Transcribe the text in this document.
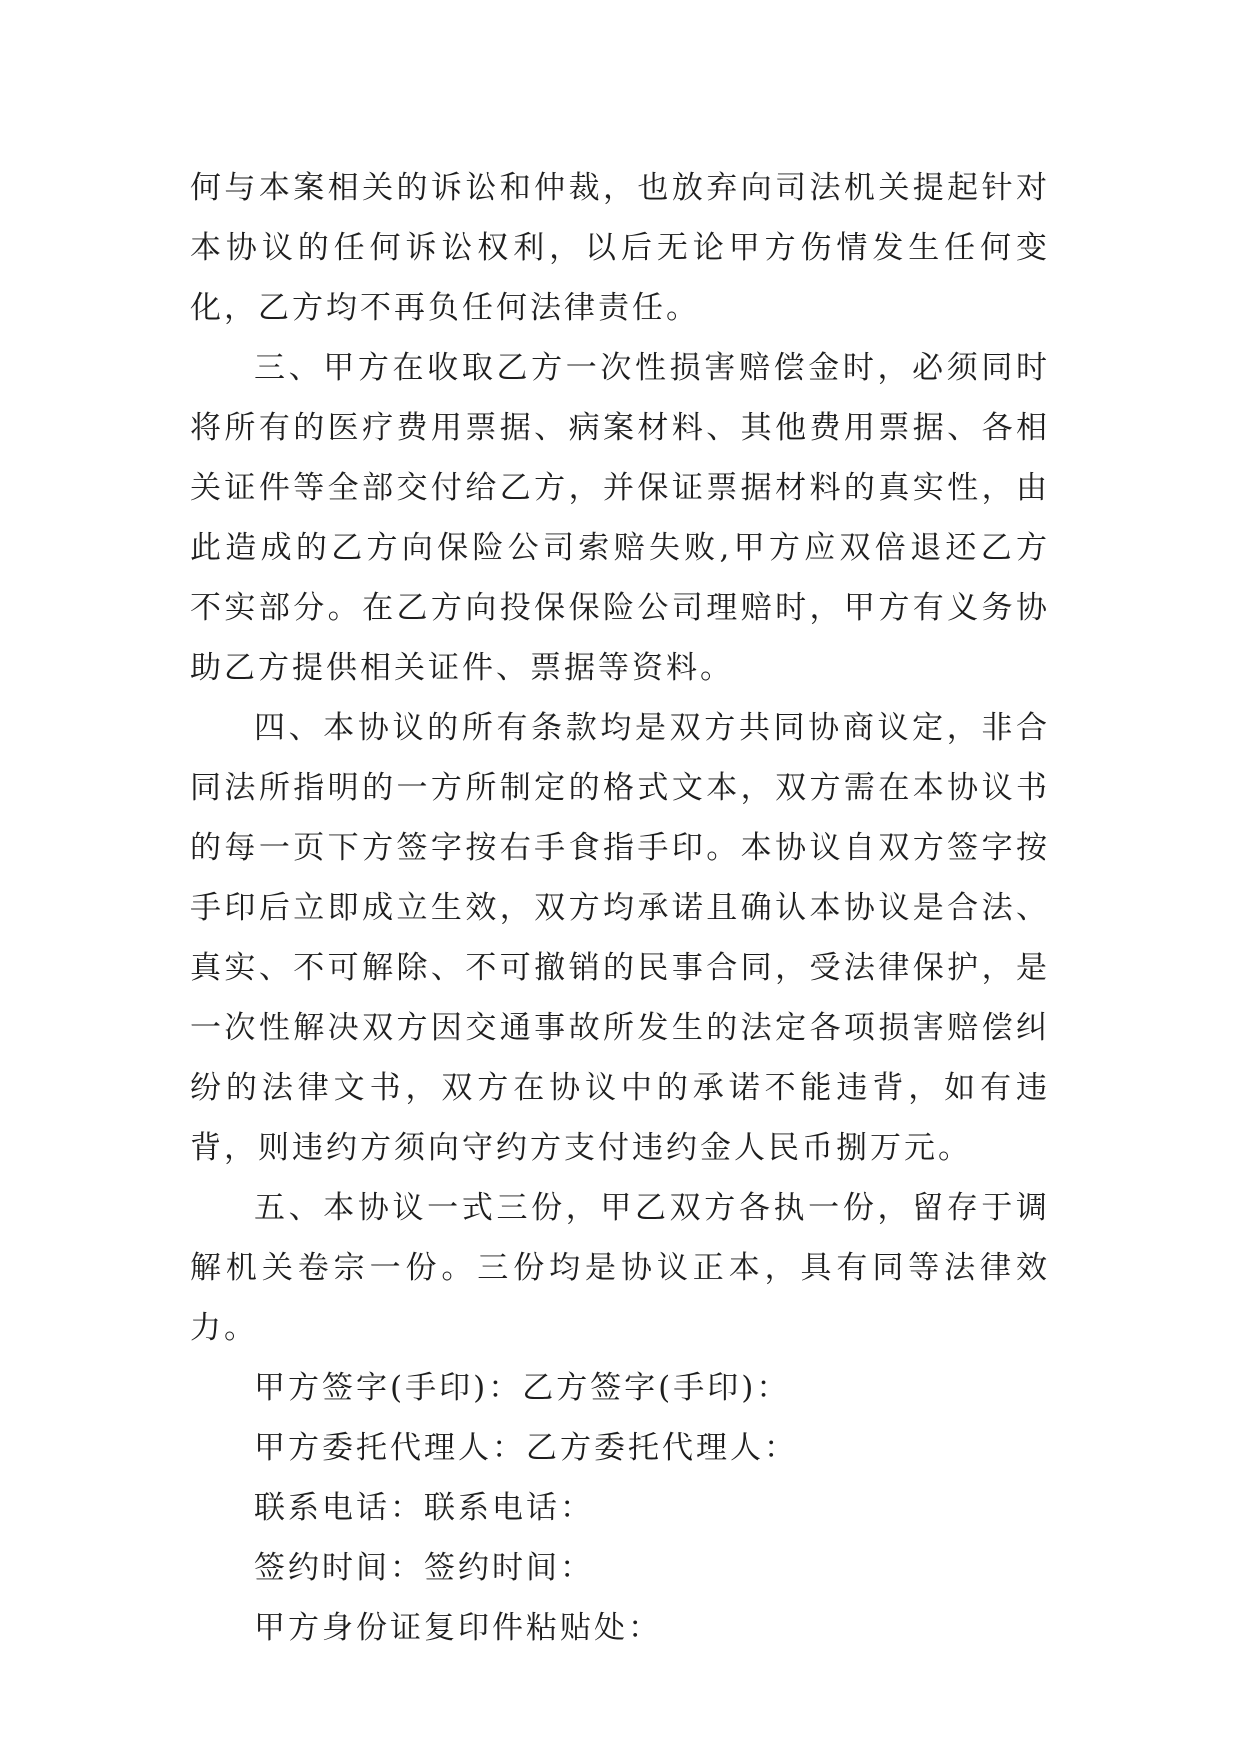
何与本案相关的诉讼和仲裁，也放弃向司法机关提起针对本协议的任何诉讼权利，以后无论甲方伤情发生任何变化，乙方均不再负任何法律责任。

三、甲方在收取乙方一次性损害赔偿金时，必须同时将所有的医疗费用票据、病案材料、其他费用票据、各相关证件等全部交付给乙方，并保证票据材料的真实性，由此造成的乙方向保险公司索赔失败,甲方应双倍退还乙方不实部分。在乙方向投保保险公司理赔时，甲方有义务协助乙方提供相关证件、票据等资料。

四、本协议的所有条款均是双方共同协商议定，非合同法所指明的一方所制定的格式文本，双方需在本协议书的每一页下方签字按右手食指手印。本协议自双方签字按手印后立即成立生效，双方均承诺且确认本协议是合法、真实、不可解除、不可撤销的民事合同，受法律保护，是一次性解决双方因交通事故所发生的法定各项损害赔偿纠纷的法律文书，双方在协议中的承诺不能违背，如有违背，则违约方须向守约方支付违约金人民币捌万元。

五、本协议一式三份，甲乙双方各执一份，留存于调解机关卷宗一份。三份均是协议正本，具有同等法律效力。

甲方签字(手印)：乙方签字(手印)：

甲方委托代理人：乙方委托代理人：

联系电话：联系电话：

签约时间：签约时间：

甲方身份证复印件粘贴处：
